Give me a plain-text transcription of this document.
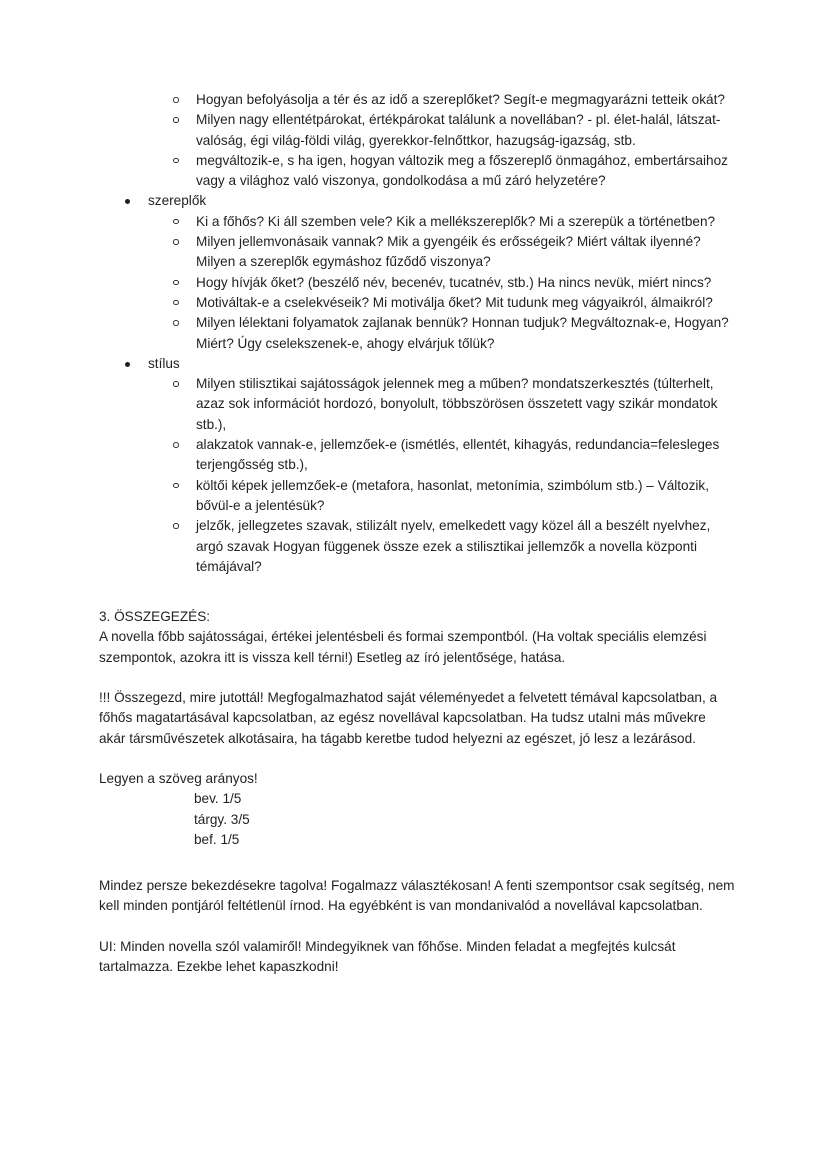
Hogyan befolyásolja a tér és az idő a szereplőket? Segít-e megmagyarázni tetteik okát?
Milyen nagy ellentétpárokat, értékpárokat találunk a novellában? - pl. élet-halál, látszat-valóság, égi világ-földi világ, gyerekkor-felnőttkor, hazugság-igazság, stb.
megváltozik-e, s ha igen, hogyan változik meg a főszereplő önmagához, embertársaihoz vagy a világhoz való viszonya, gondolkodása a mű záró helyzetére?
szereplők
Ki a főhős? Ki áll szemben vele? Kik a mellékszereplők? Mi a szerepük a történetben?
Milyen jellemvonásaik vannak? Mik a gyengéik és erősségeik? Miért váltak ilyenné? Milyen a szereplők egymáshoz fűződő viszonya?
Hogy hívják őket? (beszélő név, becenév, tucatnév, stb.) Ha nincs nevük, miért nincs?
Motiváltak-e a cselekvéseik? Mi motiválja őket? Mit tudunk meg vágyaikról, álmaikról?
Milyen lélektani folyamatok zajlanak bennük? Honnan tudjuk? Megváltoznak-e, Hogyan? Miért? Úgy cselekszenek-e, ahogy elvárjuk tőlük?
stílus
Milyen stilisztikai sajátosságok jelennek meg a műben? mondatszerkesztés (túlterhelt, azaz sok információt hordozó, bonyolult, többszörösen összetett vagy szikár mondatok stb.),
alakzatok vannak-e, jellemzőek-e (ismétlés, ellentét, kihagyás, redundancia=felesleges terjengősség stb.),
költői képek jellemzőek-e (metafora, hasonlat, metonímia, szimbólum stb.) – Változik, bővül-e a jelentésük?
jelzők, jellegzetes szavak, stilizált nyelv, emelkedett vagy közel áll a beszélt nyelvhez, argó szavak Hogyan függenek össze ezek a stilisztikai jellemzők a novella központi témájával?

3. ÖSSZEGEZÉS:

A novella főbb sajátosságai, értékei jelentésbeli és formai szempontból. (Ha voltak speciális elemzési szempontok, azokra itt is vissza kell térni!) Esetleg az író jelentősége, hatása.

!!! Összegezd, mire jutottál! Megfogalmazhatod saját véleményedet a felvetett témával kapcsolatban, a főhős magatartásával kapcsolatban, az egész novellával kapcsolatban. Ha tudsz utalni más művekre akár társművészetek alkotásaira, ha tágabb keretbe tudod helyezni az egészet, jó lesz a lezárásod.

Legyen a szöveg arányos!

bev. 1/5
tárgy. 3/5
bef. 1/5

Mindez persze bekezdésekre tagolva! Fogalmazz választékosan! A fenti szempontsor csak segítség, nem kell minden pontjáról feltétlenül írnod. Ha egyébként is van mondanivalód a novellával kapcsolatban.

UI: Minden novella szól valamiről! Mindegyiknek van főhőse. Minden feladat a megfejtés kulcsát tartalmazza. Ezekbe lehet kapaszkodni!
